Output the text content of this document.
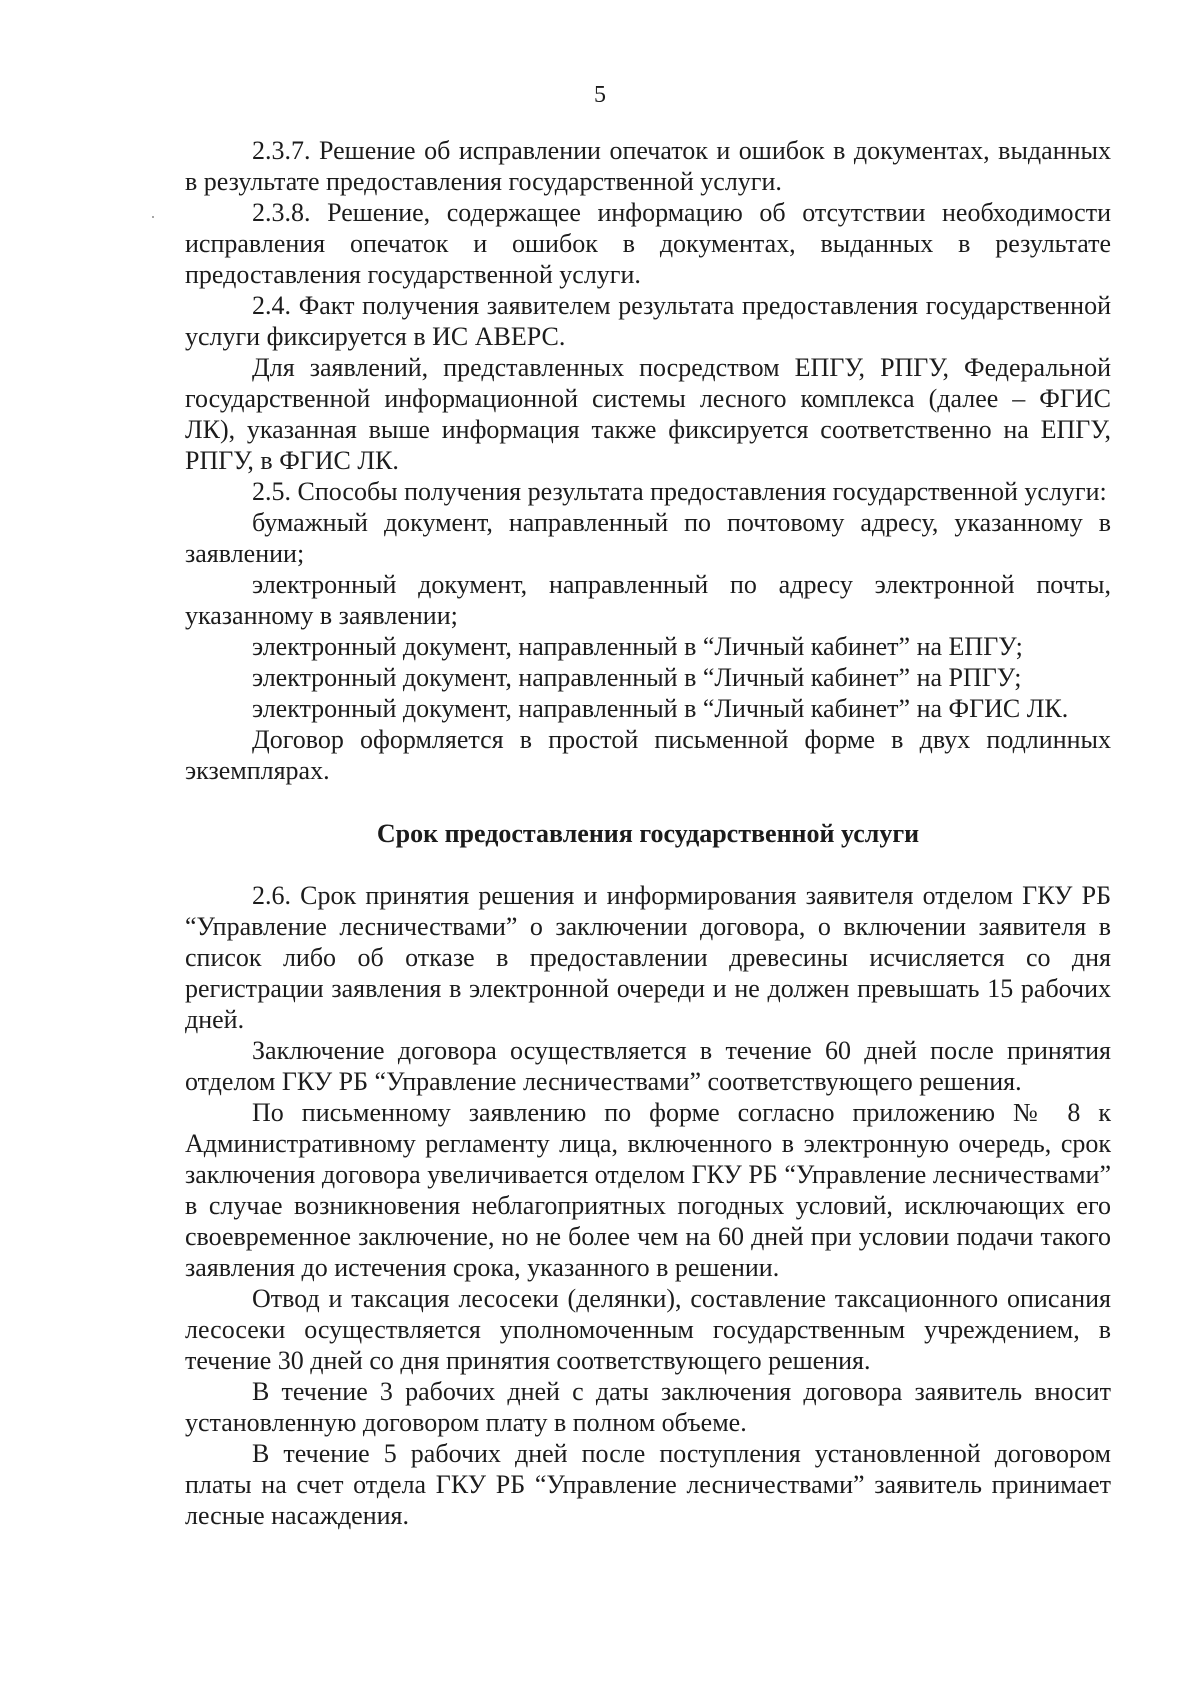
5

2.3.7. Решение об исправлении опечаток и ошибок в документах, выданных в результате предоставления государственной услуги.

2.3.8. Решение, содержащее информацию об отсутствии необходимости исправления опечаток и ошибок в документах, выданных в результате предоставления государственной услуги.

2.4. Факт получения заявителем результата предоставления государственной услуги фиксируется в ИС АВЕРС.

Для заявлений, представленных посредством ЕПГУ, РПГУ, Федеральной государственной информационной системы лесного комплекса (далее – ФГИС ЛК), указанная выше информация также фиксируется соответственно на ЕПГУ, РПГУ, в ФГИС ЛК.

2.5. Способы получения результата предоставления государственной услуги:

бумажный документ, направленный по почтовому адресу, указанному в заявлении;

электронный документ, направленный по адресу электронной почты, указанному в заявлении;

электронный документ, направленный в “Личный кабинет” на ЕПГУ;

электронный документ, направленный в “Личный кабинет” на РПГУ;

электронный документ, направленный в “Личный кабинет” на ФГИС ЛК.

Договор оформляется в простой письменной форме в двух подлинных экземплярах.

Срок предоставления государственной услуги

2.6. Срок принятия решения и информирования заявителя отделом ГКУ РБ “Управление лесничествами” о заключении договора, о включении заявителя в список либо об отказе в предоставлении древесины исчисляется со дня регистрации заявления в электронной очереди и не должен превышать 15 рабочих дней.

Заключение договора осуществляется в течение 60 дней после принятия отделом ГКУ РБ “Управление лесничествами” соответствующего решения.

По письменному заявлению по форме согласно приложению № 8 к Административному регламенту лица, включенного в электронную очередь, срок заключения договора увеличивается отделом ГКУ РБ “Управление лесничествами” в случае возникновения неблагоприятных погодных условий, исключающих его своевременное заключение, но не более чем на 60 дней при условии подачи такого заявления до истечения срока, указанного в решении.

Отвод и таксация лесосеки (делянки), составление таксационного описания лесосеки осуществляется уполномоченным государственным учреждением, в течение 30 дней со дня принятия соответствующего решения.

В течение 3 рабочих дней с даты заключения договора заявитель вносит установленную договором плату в полном объеме.

В течение 5 рабочих дней после поступления установленной договором платы на счет отдела ГКУ РБ “Управление лесничествами” заявитель принимает лесные насаждения.
